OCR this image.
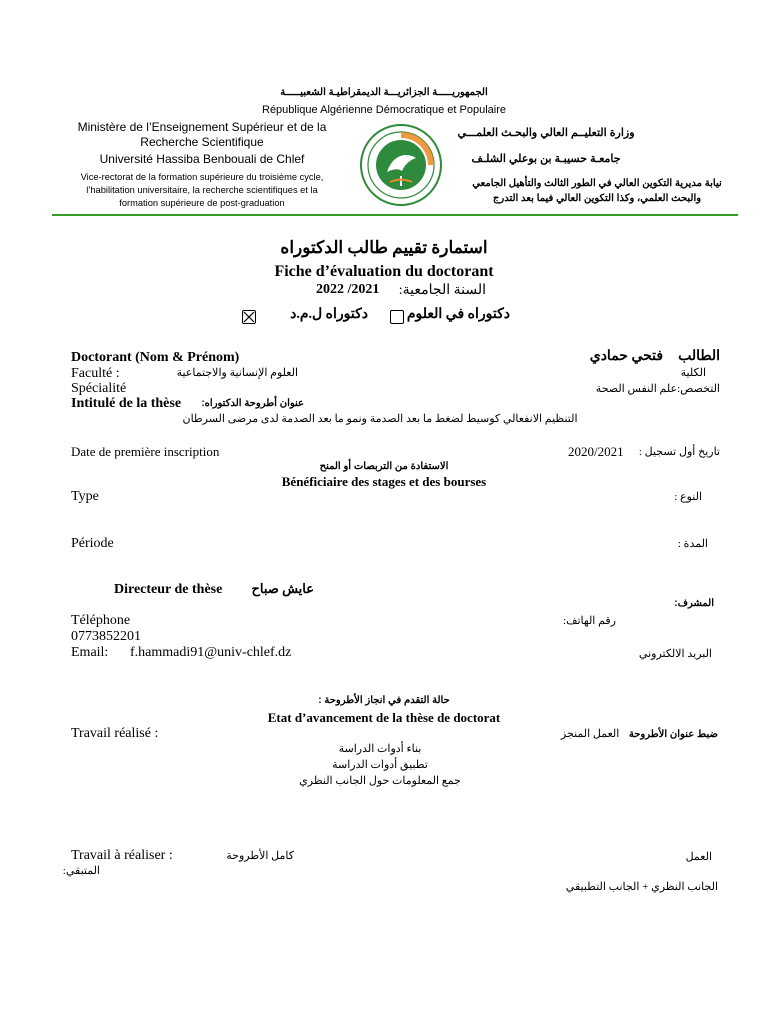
الجمهوريـــــة الجزائريـــة الديمقراطيـة الشعبيـــــة
République Algérienne Démocratique et Populaire
Ministère de l’Enseignement Supérieur et de la
Recherche Scientifique
Université Hassiba Benbouali de Chlef
Vice-rectorat de la formation supérieure du troisième cycle,
l’habilitation universitaire, la recherche scientifiques et la
formation supérieure de post-graduation
وزارة التعليــم العالي والبحـث العلمـــي
جامعـة حسيبـة بن بوعلي الشلـف
نيابة مديرية التكوين العالي في الطور الثالث والتأهيل الجامعي
والبحث العلمي، وكذا التكوين العالي فيما بعد التدرج
استمارة تقييم طالب الدكتوراه
Fiche d’évaluation du doctorant
2022 /2021 السنة الجامعية:
دكتوراه ل.م.د	دكتوراه في العلوم
Doctorant (Nom & Prénom)	الطالب  فتحي حمادي
Faculté :	العلوم الإنسانية والاجتماعية	الكلية
Spécialité	التخصص:علم النفس الصحة
Intitulé de la thèse عنوان أطروحة الدكتوراه:
التنظيم الانفعالي كوسيط لضغط ما بعد الصدمة ونمو ما بعد الصدمة لدى مرضى السرطان
Date de première inscription	2020/2021	تاريخ أول تسجيل :
الاستفادة من التربصات أو المنح
Bénéficiaire des stages et des bourses
Type	النوع :
Période	المدة :
Directeur de thèse	عايش صباح
المشرف:
Téléphone	رقم الهاتف:
0773852201
Email: f.hammadi91@univ-chlef.dz	البريد الالكتروني
حالة التقدم في انجاز الأطروحة :
Etat d’avancement de la thèse de doctorat
Travail réalisé :	ضبط عنوان الأطروحة  العمل المنجز
بناء أدوات الدراسة
تطبيق أدوات الدراسة
جمع المعلومات حول الجانب النظري
Travail à réaliser :	كامل الأطروحة	العمل
المتبقي:
الجانب النظري + الجانب التطبيقي
